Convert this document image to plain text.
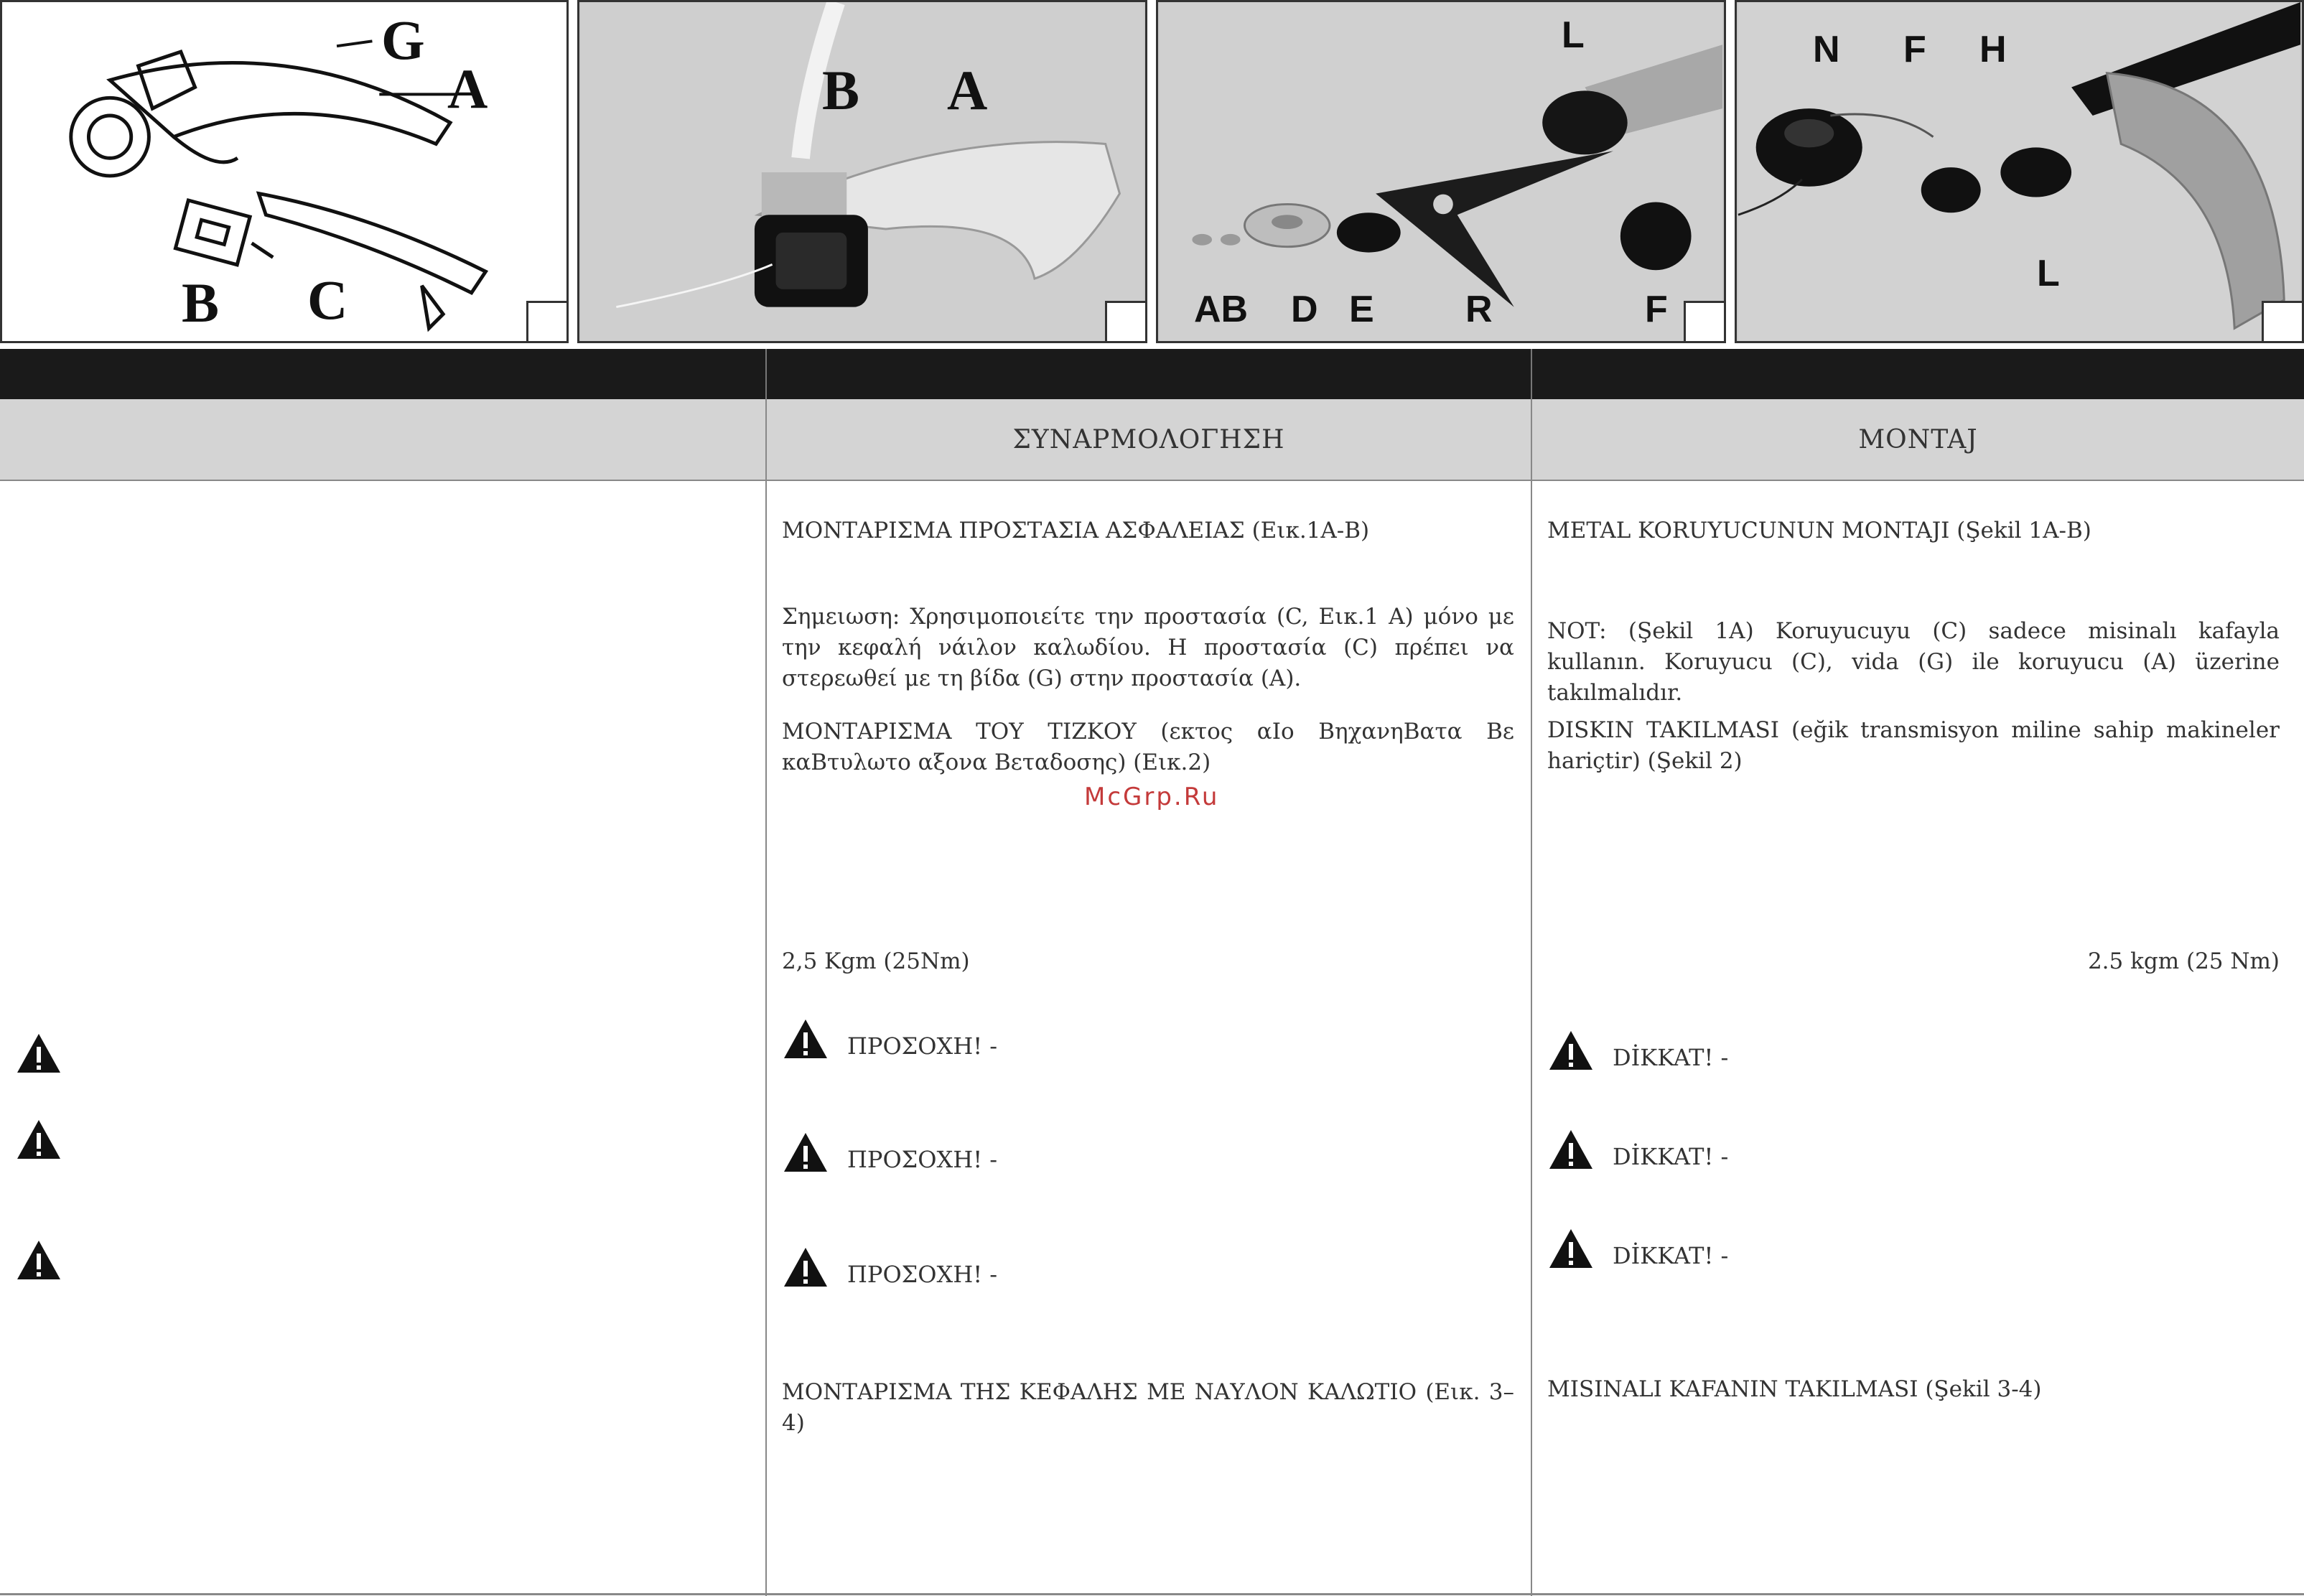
G
A
B C
B A
L
AB D E R	F
N F H
L
ΣΥΝΑΡΜΟΛΟΓΗΣΗ	MONTAJ
ΜΟΝΤΑΡΙΣΜΑ ΠΡΟΣΤΑΣΙΑ ΑΣΦΑΛΕΙΑΣ (Εικ.1A-B)
Σημειωση: Χρησιμοποιείτε την προστασία (C, Εικ.1 A) μόνο με την κεφαλή νάιλον καλωδίου. Η προστασία (C) πρέπει να στερεωθεί με τη βίδα (G) στην προστασία (A).
ΜΟΝΤΑΡΙΣΜΑ ΤΟΥ ΤΙΖΚΟΥ (εκτος αIο ΒηχανηΒατα Βε καΒτυλωτο αξονα Βεταδοσης) (Εικ.2)
2,5 Kgm (25Nm)
ΠΡΟΣΟΧΗ! -
ΠΡΟΣΟΧΗ! -
ΠΡΟΣΟΧΗ! -
ΜΟΝΤΑΡΙΣΜΑ ΤΗΣ ΚΕΦΑΛΗΣ ΜΕ ΝΑΥΛΟΝ ΚΑΛΩΤΙΟ (Εικ. 3–4)
METAL KORUYUCUNUN MONTAJI (Şekil 1A-B)
NOT: (Şekil 1A) Koruyucuyu (C) sadece misinalı kafayla kullanın. Koruyucu (C), vida (G) ile koruyucu (A) üzerine takılmalıdır.
DISKIN TAKILMASI (eğik transmisyon miline sahip makineler hariçtir) (Şekil 2)
2.5 kgm (25 Nm)
DİKKAT! -
DİKKAT! -
DİKKAT! -
MISINALI KAFANIN TAKILMASI (Şekil 3-4)
McGrp.Ru
